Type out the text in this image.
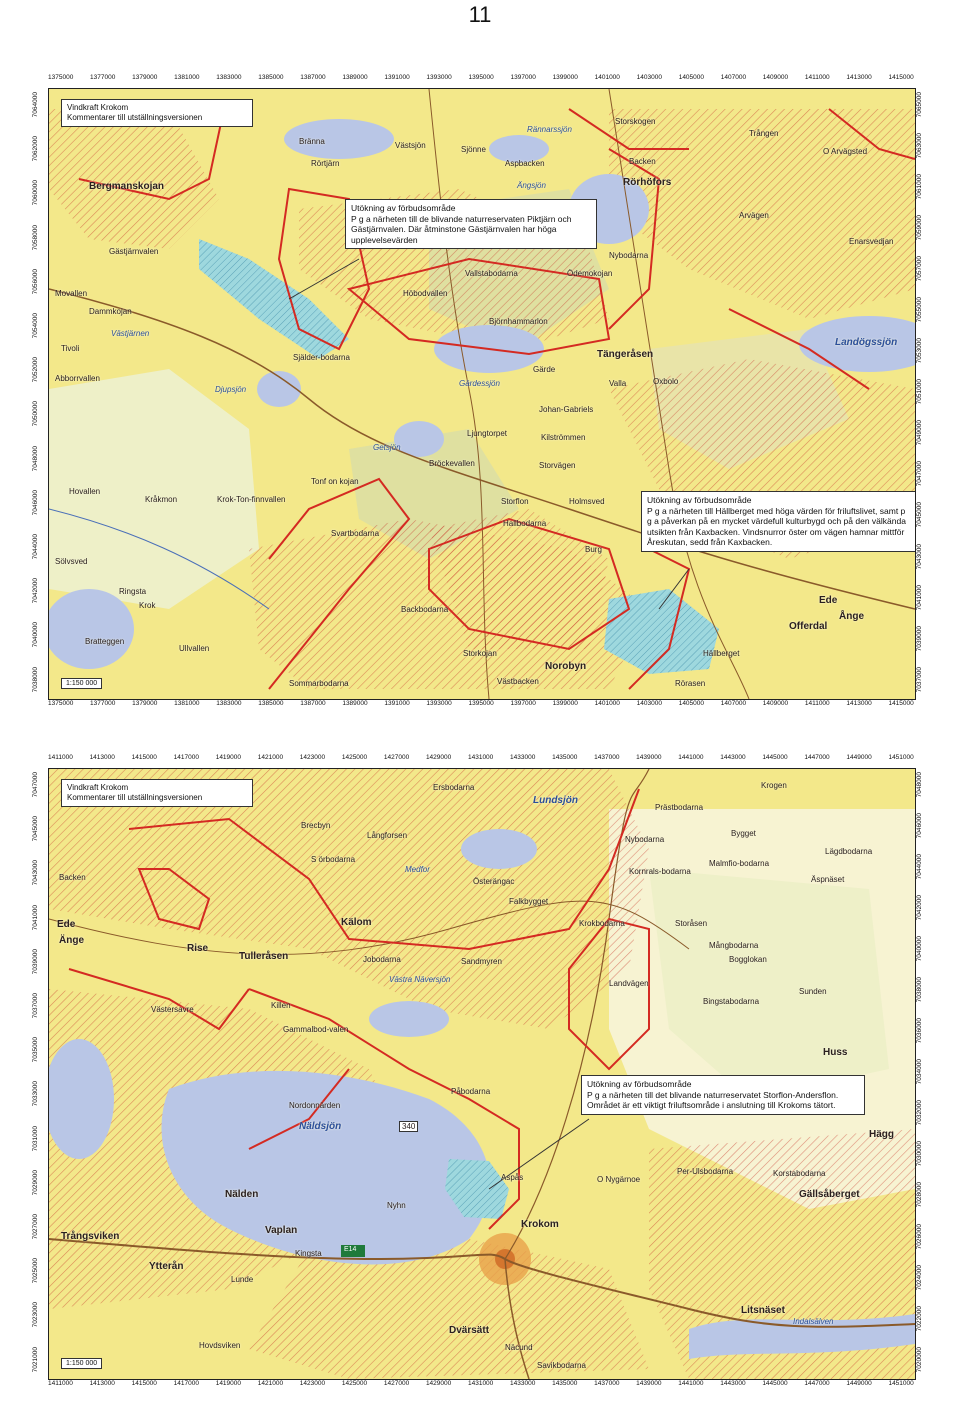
11
1375000	1377000	1379000	1381000	1383000	1385000	1387000	1389000	1391000	1393000	1395000	1397000	1399000	1401000	1403000	1405000	1407000	1409000	1411000	1413000	1415000
1375000	1377000	1379000	1381000	1383000	1385000	1387000	1389000	1391000	1393000	1395000	1397000	1399000	1401000	1403000	1405000	1407000	1409000	1411000	1413000	1415000
7064000
7062000
7060000
7058000
7056000
7054000
7052000
7050000
7048000
7046000
7044000
7042000
7040000
7038000
7065000
7063000
7061000
7059000
7057000
7055000
7053000
7051000
7049000
7047000
7045000
7043000
7041000
7039000
7037000
Vindkraft Krokom
Kommentarer till utställningsversionen
1:150 000
Utökning av förbudsområde
P g a närheten till de blivande naturreservaten Piktjärn och Gästjärnvalen. Där åtminstone Gästjärnvalen har höga upplevelsevärden
Utökning av förbudsområde
P g a närheten till Hällberget med höga värden för friluftslivet, samt p g a påverkan på en mycket värdefull kulturbygd och på den välkända utsikten från Kaxbacken. Vindsnurror öster om vägen hamnar mittför Åreskutan, sedd från Kaxbacken.
Bergmanskojan
Gästjärnvalen
Movallen
Dammkojan
Västjärnen
Tivoli
Abborrvallen
Djupsjön
Hovallen
Kråkmon
Sölvsved
Ringsta
Krok
Bratteggen
Ullvallen
Bränna	Västsjön	Sjönne
Rörtjärn
Rännarssjön
Storskogen
Aspbacken
Ängsjön	Rörhöfors
Backen
Trången
O Arvägsted
Höbodvallen
Vallstabodarna	Ödemokojan
Nybodarna
Björnhammarlon
Arvägen
Enarsvedjan
Landögssjön
Själder-bodarna
Gärdessjön
Gärde
Tängeråsen
Valla	Oxbolo
Johan-Gabriels
Getsjön
Ljungtorpet
Bröckevallen
Kilströmmen
Storvägen
Tonf on kojan
Krok-Ton-finnvallen
Svartbodarna
Storflon	Holmsved
Hallbodarna
Backbodarna
Storkojan
Norobyn
Sommarbodarna	Västbacken
Hällberget
Offerdal
Ånge
Ede
Rörasen
Burg
1411000	1413000	1415000	1417000	1419000	1421000	1423000	1425000	1427000	1429000	1431000	1433000	1435000	1437000	1439000	1441000	1443000	1445000	1447000	1449000	1451000
1411000	1413000	1415000	1417000	1419000	1421000	1423000	1425000	1427000	1429000	1431000	1433000	1435000	1437000	1439000	1441000	1443000	1445000	1447000	1449000	1451000
7047000
7045000
7043000
7041000
7039000
7037000
7035000
7033000
7031000
7029000
7027000
7025000
7023000
7021000
7048000
7046000
7044000
7042000
7040000
7038000
7036000
7034000
7032000
7030000
7028000
7026000
7024000
7022000
7020000
Vindkraft Krokom
Kommentarer till utställningsversionen
1:150 000
Utökning av förbudsområde
P g a närheten till det blivande naturreservatet Storflon-Andersflon. Området är ett viktigt friluftsområde i anslutning till Krokoms tätort.
Ersbodarna
Lundsjön
Krogen
Prästbodarna
Brecbyn
Långforsen
S örbodarna
Medfor
Nybodarna
Bygget
Lägdbodarna
Backen	Österängac
Kornrals-bodarna
Malmfio-bodarna
Äspnäset
Ede
Änge
Rise
Kälom
Falkbygget
Krokbodarna	Storåsen
Mångbodarna
Bogglokan
Tulleråsen	Jobodarna	Sandmyren
Västra Näversjön	Landvägen
Sunden
Bingstabodarna
Västersavre	Killen
Gammalbod-valen
Nälden
Näldsjön
Nordonnärden
Påbodarna
Hägg
Huss
O Nygärnoe
Per-Ulsbodarna	Korstabodarna
Gällsåberget
Krokom
Nyhn
Aspås
Vaplan
Trångsviken
Ytterån
Lunde
Kingsta
Dvärsätt
Näcund
Litsnäset
Indalsälven
Savikbodarna
Hovdsviken
E14
340
